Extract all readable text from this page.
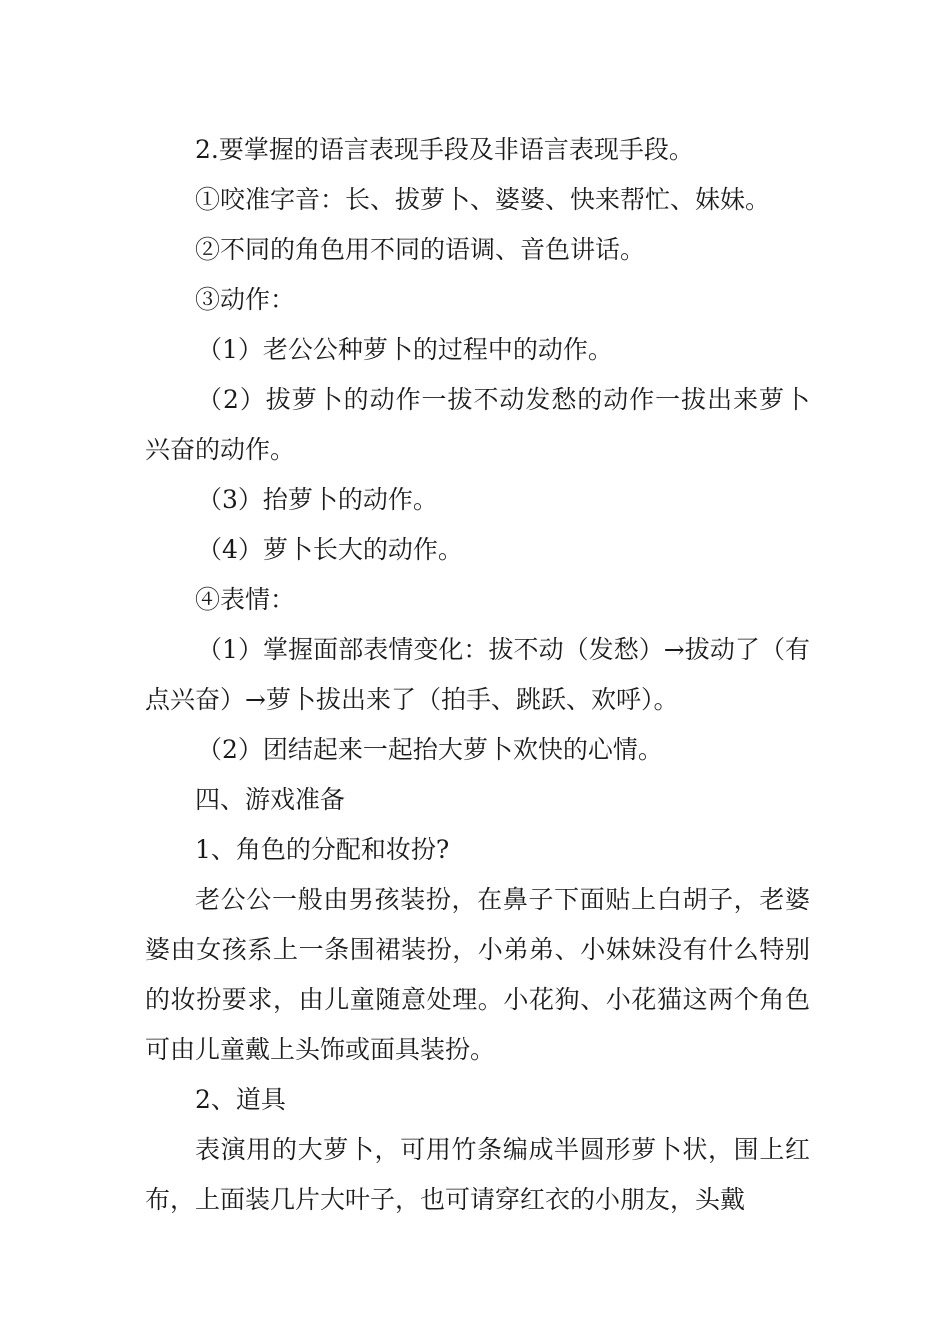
2.要掌握的语言表现手段及非语言表现手段。

①咬准字音：长、拔萝卜、婆婆、快来帮忙、妹妹。

②不同的角色用不同的语调、音色讲话。

③动作：

（1）老公公种萝卜的过程中的动作。

（2）拔萝卜的动作一拔不动发愁的动作一拔出来萝卜兴奋的动作。

（3）抬萝卜的动作。

（4）萝卜长大的动作。

④表情：

（1）掌握面部表情变化：拔不动（发愁）→拔动了（有点兴奋）→萝卜拔出来了（拍手、跳跃、欢呼）。

（2）团结起来一起抬大萝卜欢快的心情。

四、游戏准备

1、角色的分配和妆扮?

老公公一般由男孩装扮，在鼻子下面贴上白胡子，老婆婆由女孩系上一条围裙装扮，小弟弟、小妹妹没有什么特别的妆扮要求，由儿童随意处理。小花狗、小花猫这两个角色可由儿童戴上头饰或面具装扮。

2、道具

表演用的大萝卜，可用竹条编成半圆形萝卜状，围上红布，上面装几片大叶子，也可请穿红衣的小朋友，头戴
